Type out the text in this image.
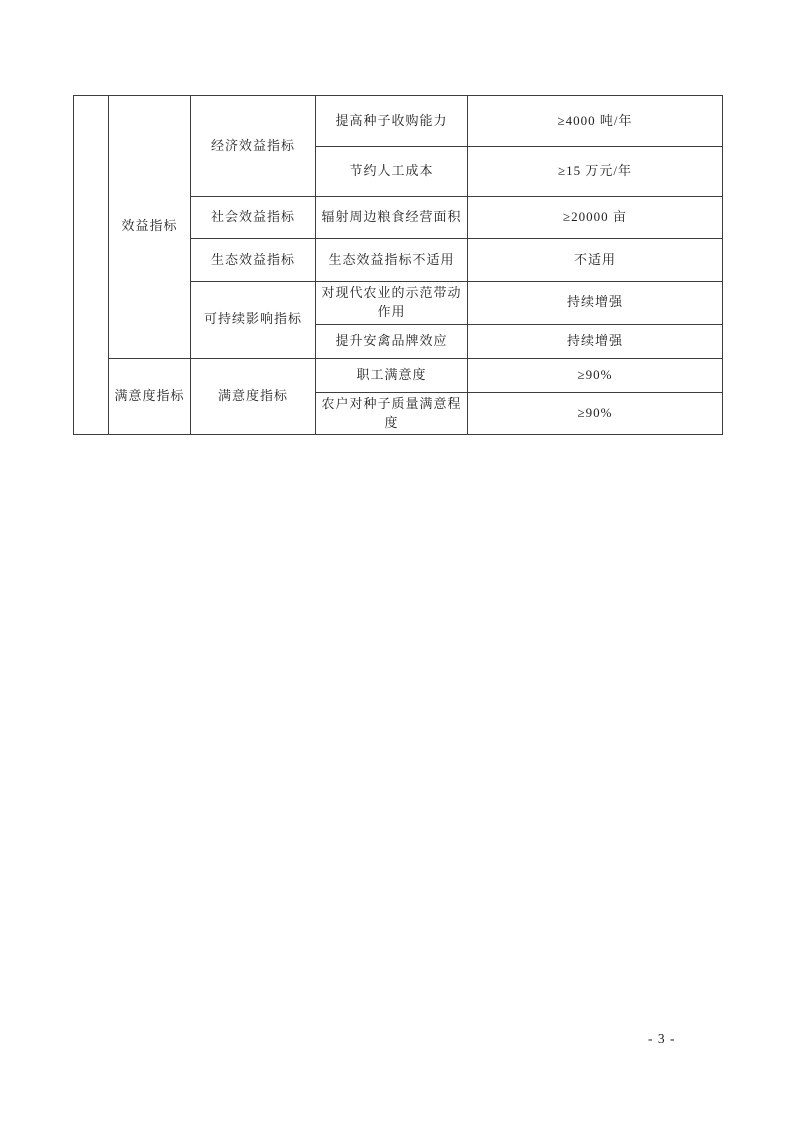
	效益指标	经济效益指标	提高种子收购能力	≥4000 吨/年
			节约人工成本	≥15 万元/年
		社会效益指标	辐射周边粮食经营面积	≥20000 亩
		生态效益指标	生态效益指标不适用	不适用
		可持续影响指标	对现代农业的示范带动作用	持续增强
			提升安禽品牌效应	持续增强
	满意度指标	满意度指标	职工满意度	≥90%
			农户对种子质量满意程度	≥90%
- 3 -
